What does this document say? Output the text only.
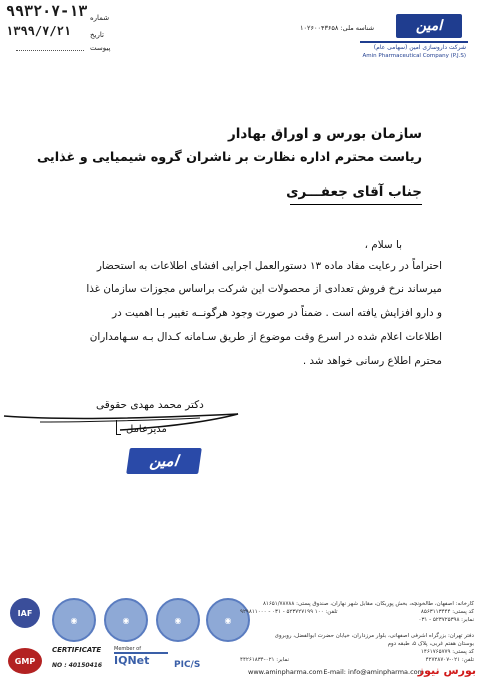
۹۹۳۲۰۷-۱۳ شماره
۱۳۹۹/۷/۲۱	تاریخ
پیوست
شناسه ملی: ۱۰۲۶۰۰۴۳۶۵۸	امین
شرکت داروسازی امین (سهامی عام)
Amin Pharmaceutical Company (P.J.S)
سازمان بورس و اوراق بهادار
ریاست محترم اداره نظارت بر ناشران گروه شیمیایی و غذایی
جناب آقای جعفـــری
با سلام ،
احتراماً در رعایت مفاد ماده ۱۳ دستورالعمل اجرایی افشای اطلاعات به استحضار
میرساند نرخ فروش تعدادی از محصولات این شرکت براساس مجوزات سازمان غذا
و دارو افزایش یافته است . ضمناً در صورت وجود هرگونــه تغییر بـا اهمیت در
اطلاعات اعلام شده در اسرع وقت موضوع از طریق سـامانه کـدال بـه سـهامداران
محترم اطلاع رسانی خواهد شد .
دکتر محمد مهدی حقوقی
مدیرعامل
امین
IAF
◉	◉	◉	◉
GMP
CERTIFICATE
NO : 40150416
Member of
IQNet	PIC/S
کارخانه: اصفهان، طالخونچه، بخش پوربکان، مقابل شهر نهاران، صندوق پستی: ۸۱۶۵۱/۷۸۷۸۸
کد پستی: ۸۵۶۳۱۱۳۴۴۴
تلفن: ۱۰۰ ۵۲۳۷۲۷۱۹۹ - ۰۳۱ - ۹۲۹۸۱۱۰۰۰
نمابر: ۵۲۳۷۲۵۳۹۸ - ۰۳۱
دفتر تهران: بزرگراه اشرفی اصفهانی، بلوار مرزداران، خیابان حضرت ابوالفضل، روبروی
بوستان هفتم غربی، پلاک ۵، طبقه دوم
کد پستی: ۱۴۶۱۷۶۵۷۷۹
تلفن: ۰۲۱-۴۲۷۲۸۷۰۷
نمابر: ۰۲۱-۴۴۲۶۱۸۳۴
www.aminpharma.com E-mail: info@aminpharma.com
بورس نیوز
